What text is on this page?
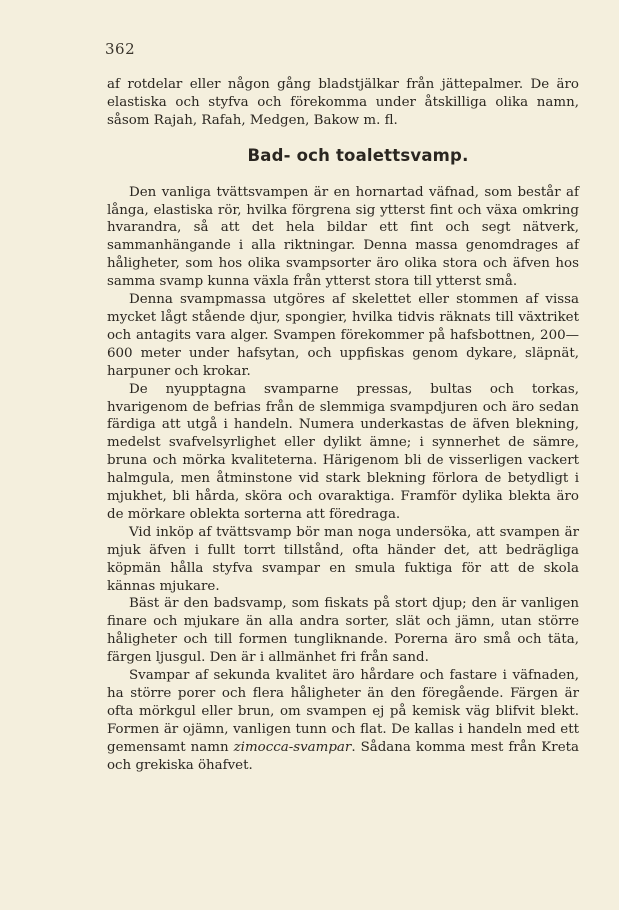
362

af rotdelar eller någon gång bladstjälkar från jättepalmer. De äro elastiska och styfva och förekomma under åtskilliga olika namn, såsom Rajah, Rafah, Medgen, Bakow m. fl.

Bad- och toalettsvamp.

Den vanliga tvättsvampen är en hornartad väfnad, som består af långa, elastiska rör, hvilka förgrena sig ytterst fint och växa omkring hvarandra, så att det hela bildar ett fint och segt nätverk, sammanhängande i alla riktningar. Denna massa genomdrages af håligheter, som hos olika svampsorter äro olika stora och äfven hos samma svamp kunna växla från ytterst stora till ytterst små.

Denna svampmassa utgöres af skelettet eller stommen af vissa mycket lågt stående djur, spongier, hvilka tidvis räknats till växtriket och antagits vara alger. Svampen förekommer på hafsbottnen, 200—600 meter under hafsytan, och uppfiskas genom dykare, släpnät, harpuner och krokar.

De nyupptagna svamparne pressas, bultas och torkas, hvarigenom de befrias från de slemmiga svampdjuren och äro sedan färdiga att utgå i handeln. Numera underkastas de äfven blekning, medelst svafvelsyrlighet eller dylikt ämne; i synnerhet de sämre, bruna och mörka kvaliteterna. Härigenom bli de visserligen vackert halmgula, men åtminstone vid stark blekning förlora de betydligt i mjukhet, bli hårda, sköra och ovaraktiga. Framför dylika blekta äro de mörkare oblekta sorterna att föredraga.

Vid inköp af tvättsvamp bör man noga undersöka, att svampen är mjuk äfven i fullt torrt tillstånd, ofta händer det, att bedrägliga köpmän hålla styfva svampar en smula fuktiga för att de skola kännas mjukare.

Bäst är den badsvamp, som fiskats på stort djup; den är vanligen finare och mjukare än alla andra sorter, slät och jämn, utan större håligheter och till formen tungliknande. Porerna äro små och täta, färgen ljusgul. Den är i allmänhet fri från sand.

Svampar af sekunda kvalitet äro hårdare och fastare i väfnaden, ha större porer och flera håligheter än den föregående. Färgen är ofta mörkgul eller brun, om svampen ej på kemisk väg blifvit blekt. Formen är ojämn, vanligen tunn och flat. De kallas i handeln med ett gemensamt namn zimocca-svampar. Sådana komma mest från Kreta och grekiska öhafvet.
